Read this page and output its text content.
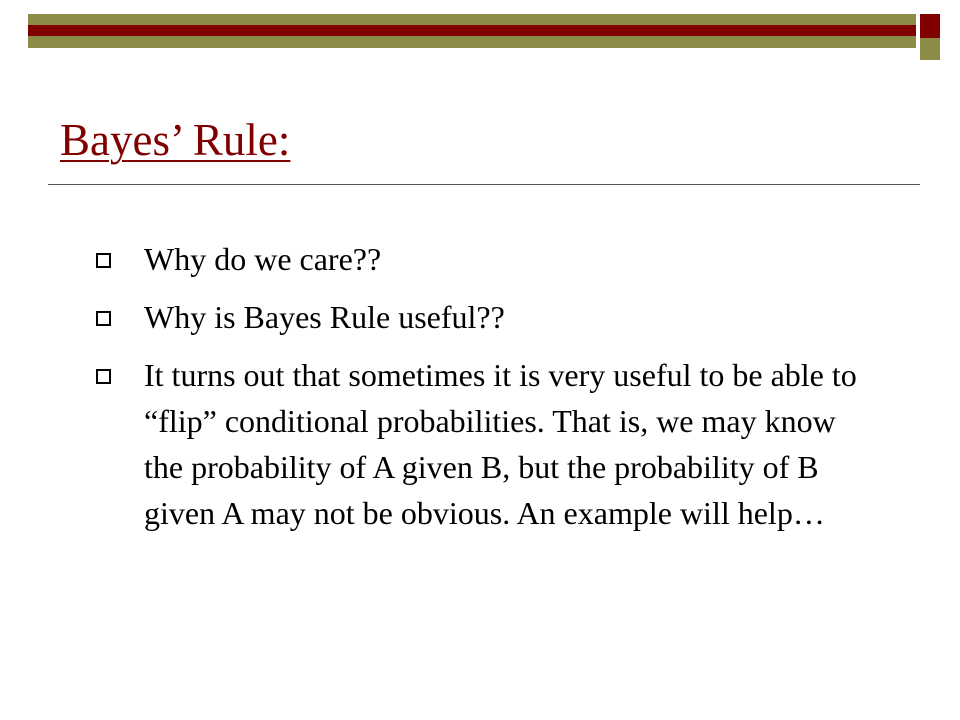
Bayes’ Rule:
Why do we care??
Why is Bayes Rule useful??
It turns out that sometimes it is very useful to be able to “flip” conditional probabilities. That is, we may know the probability of A given B, but the probability of B given A may not be obvious. An example will help…
